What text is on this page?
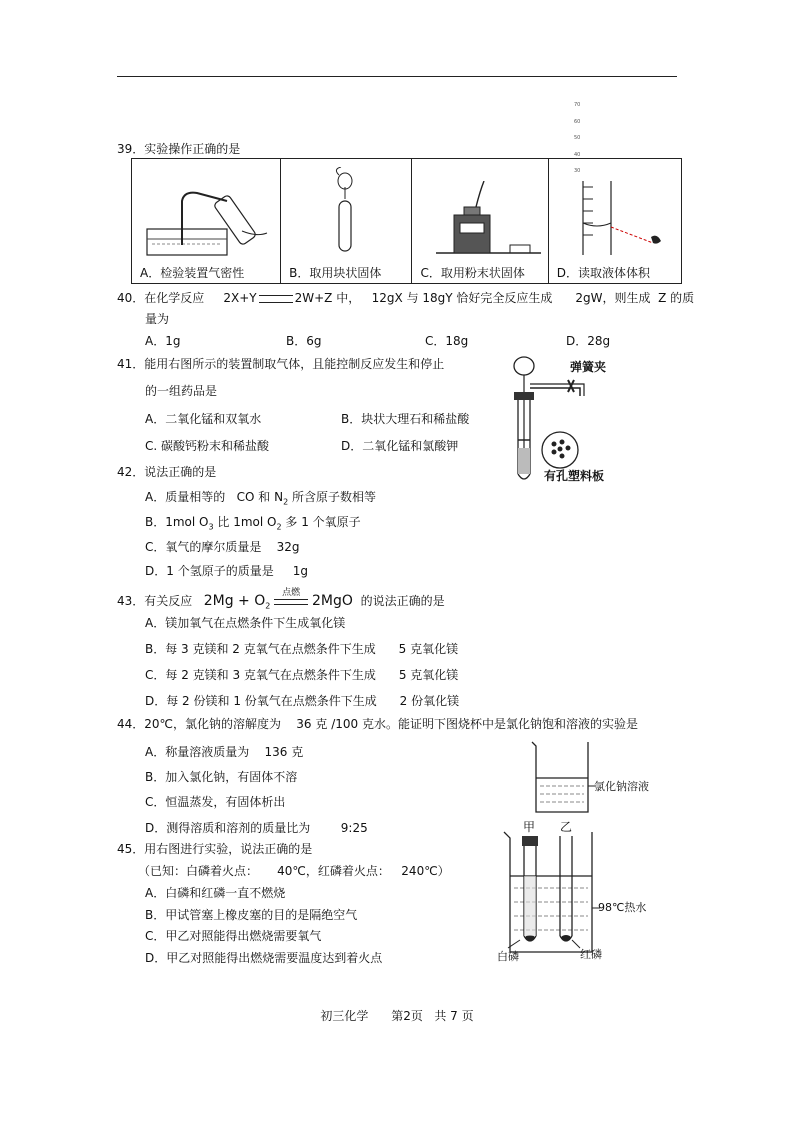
39．实验操作正确的是
70
60
50
40
30
A．检验装置气密性	B．取用块状固体	C．取用粉末状固体	D．读取液体体积
40．在化学反应 2X+Y	2W+Z 中， 12gX 与 18gY 恰好完全反应生成 2gW，则生成 Z 的质
量为
A．1g	B．6g	C．18g	D．28g
41．能用右图所示的装置制取气体，且能控制反应发生和停止
的一组药品是
A．二氧化锰和双氧水	B．块状大理石和稀盐酸
C. 碳酸钙粉末和稀盐酸	D．二氧化锰和氯酸钾
弹簧夹
有孔塑料板
42．说法正确的是
A．质量相等的 CO 和 $N_2$ 所含原子数相等
B．1mol $O_3$ 比 1mol $O_2$ 多 1 个氧原子
C．氧气的摩尔质量是 32g
D．1 个氢原子的质量是 1g
43．有关反应 $2Mg + O_2$
点燃
2MgO 的说法正确的是
A．镁加氧气在点燃条件下生成氧化镁
B．每 3 克镁和 2 克氧气在点燃条件下生成 5 克氧化镁
C．每 2 克镁和 3 克氧气在点燃条件下生成 5 克氧化镁
D．每 2 份镁和 1 份氧气在点燃条件下生成 2 份氧化镁
44．20℃，氯化钠的溶解度为 36 克 /100 克水。能证明下图烧杯中是氯化钠饱和溶液的实验是
A．称量溶液质量为 136 克
B．加入氯化钠，有固体不溶
C．恒温蒸发，有固体析出
D．测得溶质和溶剂的质量比为	9:25
氯化钠溶液
45．用右图进行实验，说法正确的是
（已知：白磷着火点： 40℃，红磷着火点： 240℃）
A．白磷和红磷一直不燃烧
B．甲试管塞上橡皮塞的目的是隔绝空气
C．甲乙对照能得出燃烧需要氧气
D．甲乙对照能得出燃烧需要温度达到着火点
甲 乙
98℃热水
白磷	红磷
初三化学 第2页 共 7 页
